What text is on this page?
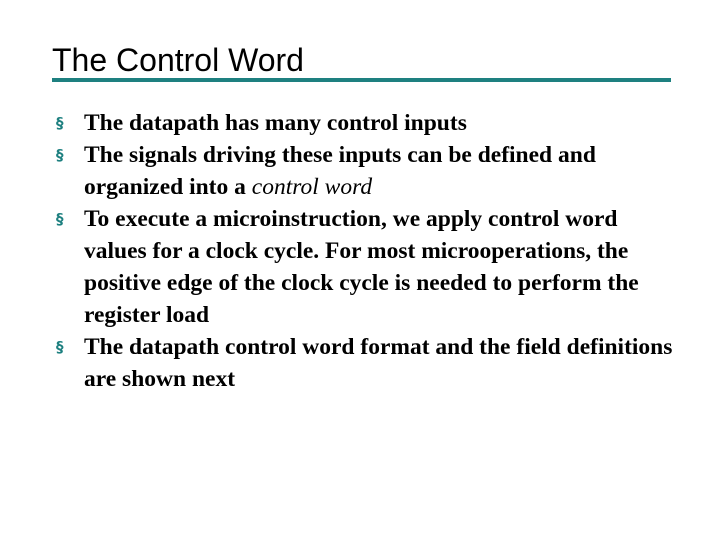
The Control Word
§ The datapath has many control inputs
§ The signals driving these inputs can be defined and organized into a control word
§ To execute a microinstruction, we apply control word values for a clock cycle. For most microoperations, the positive edge of the clock cycle is needed to perform the register load
§ The datapath control word format and the field definitions are shown next
